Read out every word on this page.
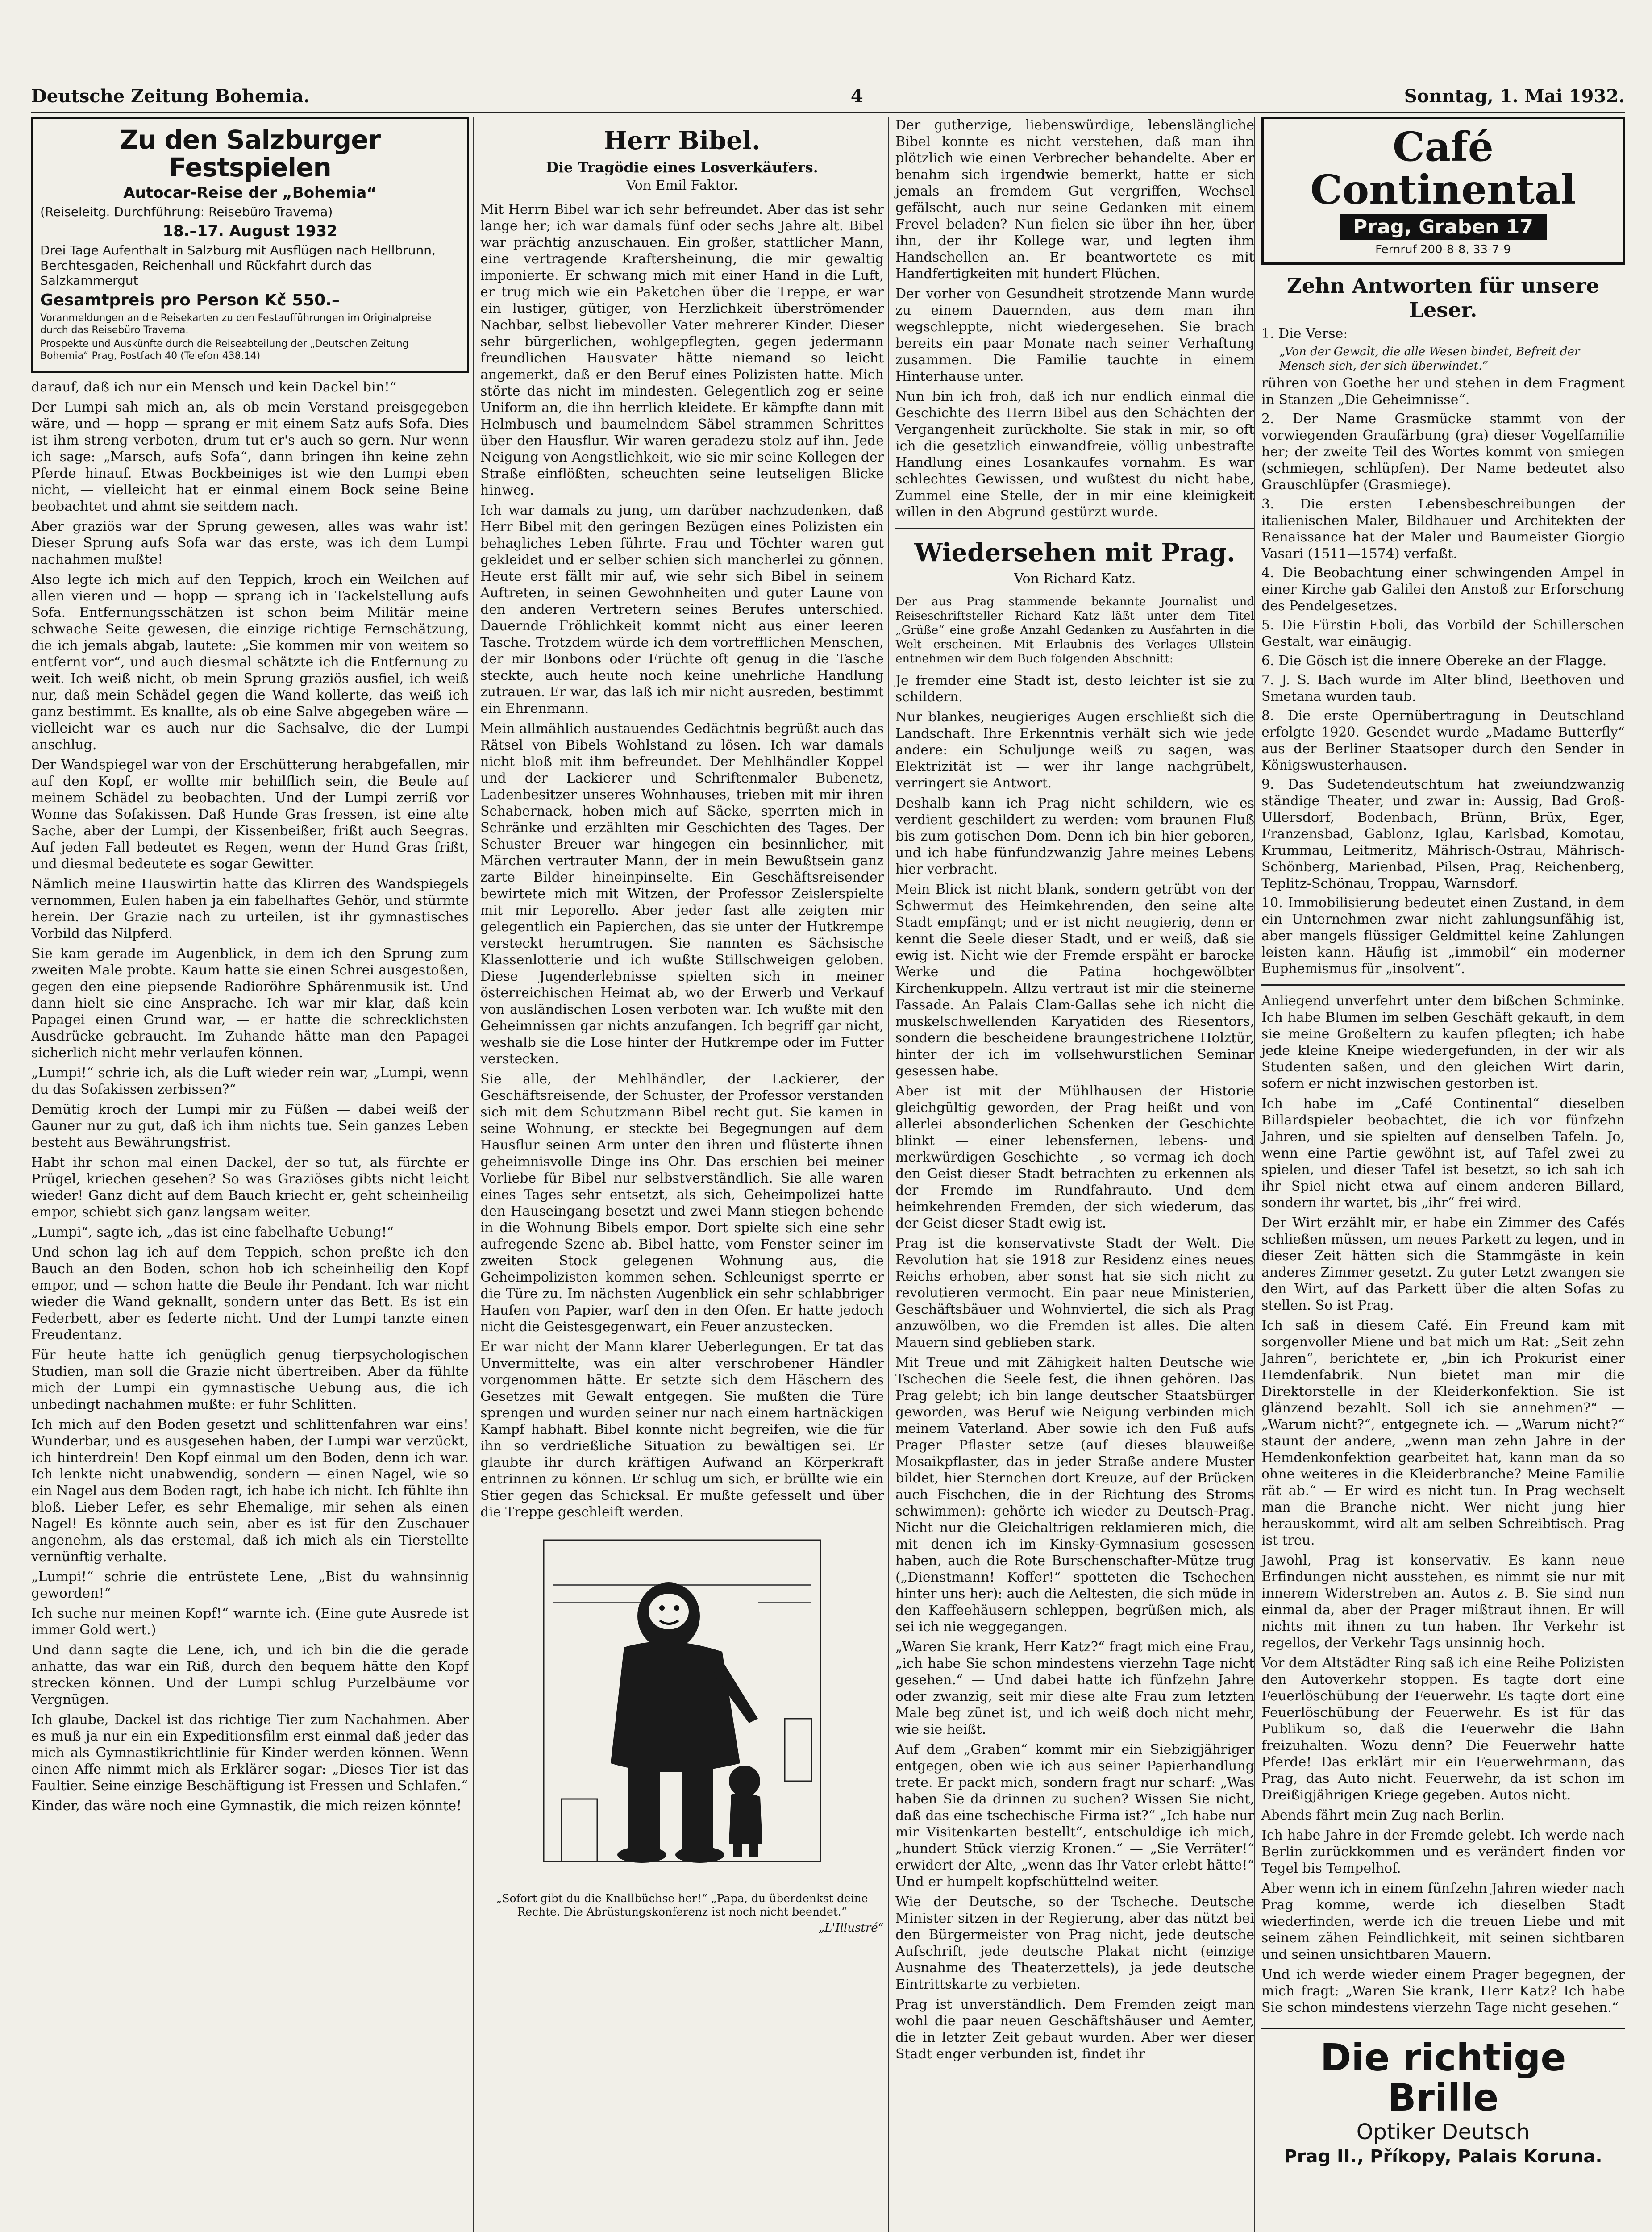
Deutsche Zeitung Bohemia.	4	Sonntag, 1. Mai 1932.
Zu den Salzburger Festspielen
Autocar-Reise der „Bohemia“
(Reiseleitg. Durchführung: Reisebüro Travema)
18.–17. August 1932
Drei Tage Aufenthalt in Salzburg mit Ausflügen nach Hellbrunn, Berchtesgaden, Reichenhall und Rückfahrt durch das Salzkammergut
Gesamtpreis pro Person Kč 550.–
Voranmeldungen an die Reisekarten zu den Festaufführungen im Originalpreise durch das Reisebüro Travema.
Prospekte und Auskünfte durch die Reiseabteilung der „Deutschen Zeitung Bohemia“ Prag, Postfach 40 (Telefon 438.14)

darauf, daß ich nur ein Mensch und kein Dackel bin!“

Der Lumpi sah mich an, als ob mein Verstand preisgegeben wäre, und — hopp — sprang er mit einem Satz aufs Sofa. Dies ist ihm streng verboten, drum tut er's auch so gern. Nur wenn ich sage: „Marsch, aufs Sofa“, dann bringen ihn keine zehn Pferde hinauf. Etwas Bockbeiniges ist wie den Lumpi eben nicht, — vielleicht hat er einmal einem Bock seine Beine beobachtet und ahmt sie seitdem nach.

Aber graziös war der Sprung gewesen, alles was wahr ist! Dieser Sprung aufs Sofa war das erste, was ich dem Lumpi nachahmen mußte!

Also legte ich mich auf den Teppich, kroch ein Weilchen auf allen vieren und — hopp — sprang ich in Tackelstellung aufs Sofa. Entfernungsschätzen ist schon beim Militär meine schwache Seite gewesen, die einzige richtige Fernschätzung, die ich jemals abgab, lautete: „Sie kommen mir von weitem so entfernt vor“, und auch diesmal schätzte ich die Entfernung zu weit. Ich weiß nicht, ob mein Sprung graziös ausfiel, ich weiß nur, daß mein Schädel gegen die Wand kollerte, das weiß ich ganz bestimmt. Es knallte, als ob eine Salve abgegeben wäre — vielleicht war es auch nur die Sachsalve, die der Lumpi anschlug.

Der Wandspiegel war von der Erschütterung herabgefallen, mir auf den Kopf, er wollte mir behilflich sein, die Beule auf meinem Schädel zu beobachten. Und der Lumpi zerriß vor Wonne das Sofakissen. Daß Hunde Gras fressen, ist eine alte Sache, aber der Lumpi, der Kissenbeißer, frißt auch Seegras. Auf jeden Fall bedeutet es Regen, wenn der Hund Gras frißt, und diesmal bedeutete es sogar Gewitter.

Nämlich meine Hauswirtin hatte das Klirren des Wandspiegels vernommen, Eulen haben ja ein fabelhaftes Gehör, und stürmte herein. Der Grazie nach zu urteilen, ist ihr gymnastisches Vorbild das Nilpferd.

Sie kam gerade im Augenblick, in dem ich den Sprung zum zweiten Male probte. Kaum hatte sie einen Schrei ausgestoßen, gegen den eine piepsende Radioröhre Sphärenmusik ist. Und dann hielt sie eine Ansprache. Ich war mir klar, daß kein Papagei einen Grund war, — er hatte die schrecklichsten Ausdrücke gebraucht. Im Zuhande hätte man den Papagei sicherlich nicht mehr verlaufen können.

„Lumpi!“ schrie ich, als die Luft wieder rein war, „Lumpi, wenn du das Sofakissen zerbissen?“

Demütig kroch der Lumpi mir zu Füßen — dabei weiß der Gauner nur zu gut, daß ich ihm nichts tue. Sein ganzes Leben besteht aus Bewährungsfrist.

Habt ihr schon mal einen Dackel, der so tut, als fürchte er Prügel, kriechen gesehen? So was Graziöses gibts nicht leicht wieder! Ganz dicht auf dem Bauch kriecht er, geht scheinheilig empor, schiebt sich ganz langsam weiter.

„Lumpi“, sagte ich, „das ist eine fabelhafte Uebung!“

Und schon lag ich auf dem Teppich, schon preßte ich den Bauch an den Boden, schon hob ich scheinheilig den Kopf empor, und — schon hatte die Beule ihr Pendant. Ich war nicht wieder die Wand geknallt, sondern unter das Bett. Es ist ein Federbett, aber es federte nicht. Und der Lumpi tanzte einen Freudentanz.

Für heute hatte ich genüglich genug tierpsychologischen Studien, man soll die Grazie nicht übertreiben. Aber da fühlte mich der Lumpi ein gymnastische Uebung aus, die ich unbedingt nachahmen mußte: er fuhr Schlitten.

Ich mich auf den Boden gesetzt und schlittenfahren war eins! Wunderbar, und es ausgesehen haben, der Lumpi war verzückt, ich hinterdrein! Den Kopf einmal um den Boden, denn ich war. Ich lenkte nicht unabwendig, sondern — einen Nagel, wie so ein Nagel aus dem Boden ragt, ich habe ich nicht. Ich fühlte ihn bloß. Lieber Lefer, es sehr Ehemalige, mir sehen als einen Nagel! Es könnte auch sein, aber es ist für den Zuschauer angenehm, als das erstemal, daß ich mich als ein Tierstellte vernünftig verhalte.

„Lumpi!“ schrie die entrüstete Lene, „Bist du wahnsinnig geworden!“

Ich suche nur meinen Kopf!“ warnte ich. (Eine gute Ausrede ist immer Gold wert.)

Und dann sagte die Lene, ich, und ich bin die die gerade anhatte, das war ein Riß, durch den bequem hätte den Kopf strecken können. Und der Lumpi schlug Purzelbäume vor Vergnügen.

Ich glaube, Dackel ist das richtige Tier zum Nachahmen. Aber es muß ja nur ein ein Expeditionsfilm erst einmal daß jeder das mich als Gymnastikrichtlinie für Kinder werden können. Wenn einen Affe nimmt mich als Erklärer sogar: „Dieses Tier ist das Faultier. Seine einzige Beschäftigung ist Fressen und Schlafen.“

Kinder, das wäre noch eine Gymnastik, die mich reizen könnte!

Herr Bibel.
Die Tragödie eines Losverkäufers.
Von Emil Faktor.

Mit Herrn Bibel war ich sehr befreundet. Aber das ist sehr lange her; ich war damals fünf oder sechs Jahre alt. Bibel war prächtig anzuschauen. Ein großer, stattlicher Mann, eine vertragende Kraftersheinung, die mir gewaltig imponierte. Er schwang mich mit einer Hand in die Luft, er trug mich wie ein Paketchen über die Treppe, er war ein lustiger, gütiger, von Herzlichkeit überströmender Nachbar, selbst liebevoller Vater mehrerer Kinder. Dieser sehr bürgerlichen, wohlgepflegten, gegen jedermann freundlichen Hausvater hätte niemand so leicht angemerkt, daß er den Beruf eines Polizisten hatte. Mich störte das nicht im mindesten. Gelegentlich zog er seine Uniform an, die ihn herrlich kleidete. Er kämpfte dann mit Helmbusch und baumelndem Säbel strammen Schrittes über den Hausflur. Wir waren geradezu stolz auf ihn. Jede Neigung von Aengstlichkeit, wie sie mir seine Kollegen der Straße einflößten, scheuchten seine leutseligen Blicke hinweg.

Ich war damals zu jung, um darüber nachzudenken, daß Herr Bibel mit den geringen Bezügen eines Polizisten ein behagliches Leben führte. Frau und Töchter waren gut gekleidet und er selber schien sich mancherlei zu gönnen. Heute erst fällt mir auf, wie sehr sich Bibel in seinem Auftreten, in seinen Gewohnheiten und guter Laune von den anderen Vertretern seines Berufes unterschied. Dauernde Fröhlichkeit kommt nicht aus einer leeren Tasche. Trotzdem würde ich dem vortrefflichen Menschen, der mir Bonbons oder Früchte oft genug in die Tasche steckte, auch heute noch keine unehrliche Handlung zutrauen. Er war, das laß ich mir nicht ausreden, bestimmt ein Ehrenmann.

Mein allmählich austauendes Gedächtnis begrüßt auch das Rätsel von Bibels Wohlstand zu lösen. Ich war damals nicht bloß mit ihm befreundet. Der Mehlhändler Koppel und der Lackierer und Schriftenmaler Bubenetz, Ladenbesitzer unseres Wohnhauses, trieben mit mir ihren Schabernack, hoben mich auf Säcke, sperrten mich in Schränke und erzählten mir Geschichten des Tages. Der Schuster Breuer war hingegen ein besinnlicher, mit Märchen vertrauter Mann, der in mein Bewußtsein ganz zarte Bilder hineinpinselte. Ein Geschäftsreisender bewirtete mich mit Witzen, der Professor Zeislerspielte mit mir Leporello. Aber jeder fast alle zeigten mir gelegentlich ein Papierchen, das sie unter der Hutkrempe versteckt herumtrugen. Sie nannten es Sächsische Klassenlotterie und ich wußte Stillschweigen geloben. Diese Jugenderlebnisse spielten sich in meiner österreichischen Heimat ab, wo der Erwerb und Verkauf von ausländischen Losen verboten war. Ich wußte mit den Geheimnissen gar nichts anzufangen. Ich begriff gar nicht, weshalb sie die Lose hinter der Hutkrempe oder im Futter verstecken.

Sie alle, der Mehlhändler, der Lackierer, der Geschäftsreisende, der Schuster, der Professor verstanden sich mit dem Schutzmann Bibel recht gut. Sie kamen in seine Wohnung, er steckte bei Begegnungen auf dem Hausflur seinen Arm unter den ihren und flüsterte ihnen geheimnisvolle Dinge ins Ohr. Das erschien bei meiner Vorliebe für Bibel nur selbstverständlich. Sie alle waren eines Tages sehr entsetzt, als sich, Geheimpolizei hatte den Hauseingang besetzt und zwei Mann stiegen behende in die Wohnung Bibels empor. Dort spielte sich eine sehr aufregende Szene ab. Bibel hatte, vom Fenster seiner im zweiten Stock gelegenen Wohnung aus, die Geheimpolizisten kommen sehen. Schleunigst sperrte er die Türe zu. Im nächsten Augenblick ein sehr schlabbriger Haufen von Papier, warf den in den Ofen. Er hatte jedoch nicht die Geistesgegenwart, ein Feuer anzustecken.

Er war nicht der Mann klarer Ueberlegungen. Er tat das Unvermittelte, was ein alter verschrobener Händler vorgenommen hätte. Er setzte sich dem Häschern des Gesetzes mit Gewalt entgegen. Sie mußten die Türe sprengen und wurden seiner nur nach einem hartnäckigen Kampf habhaft. Bibel konnte nicht begreifen, wie die für ihn so verdrießliche Situation zu bewältigen sei. Er glaubte ihr durch kräftigen Aufwand an Körperkraft entrinnen zu können. Er schlug um sich, er brüllte wie ein Stier gegen das Schicksal. Er mußte gefesselt und über die Treppe geschleift werden.

„Sofort gibt du die Knallbüchse her!“ „Papa, du überdenkst deine Rechte. Die Abrüstungskonferenz ist noch nicht beendet.“
„L'Illustré“

Der gutherzige, liebenswürdige, lebenslängliche Bibel konnte es nicht verstehen, daß man ihn plötzlich wie einen Verbrecher behandelte. Aber er benahm sich irgendwie bemerkt, hatte er sich jemals an fremdem Gut vergriffen, Wechsel gefälscht, auch nur seine Gedanken mit einem Frevel beladen? Nun fielen sie über ihn her, über ihn, der ihr Kollege war, und legten ihm Handschellen an. Er beantwortete es mit Handfertigkeiten mit hundert Flüchen.

Der vorher von Gesundheit strotzende Mann wurde zu einem Dauernden, aus dem man ihn wegschleppte, nicht wiedergesehen. Sie brach bereits ein paar Monate nach seiner Verhaftung zusammen. Die Familie tauchte in einem Hinterhause unter.

Nun bin ich froh, daß ich nur endlich einmal die Geschichte des Herrn Bibel aus den Schächten der Vergangenheit zurückholte. Sie stak in mir, so oft ich die gesetzlich einwandfreie, völlig unbestrafte Handlung eines Losankaufes vornahm. Es war schlechtes Gewissen, und wußtest du nicht habe, Zummel eine Stelle, der in mir eine kleinigkeit willen in den Abgrund gestürzt wurde.

Wiedersehen mit Prag.
Von Richard Katz.
Der aus Prag stammende bekannte Journalist und Reiseschriftsteller Richard Katz läßt unter dem Titel „Grüße“ eine große Anzahl Gedanken zu Ausfahrten in die Welt erscheinen. Mit Erlaubnis des Verlages Ullstein entnehmen wir dem Buch folgenden Abschnitt:

Je fremder eine Stadt ist, desto leichter ist sie zu schildern.

Nur blankes, neugieriges Augen erschließt sich die Landschaft. Ihre Erkenntnis verhält sich wie jede andere: ein Schuljunge weiß zu sagen, was Elektrizität ist — wer ihr lange nachgrübelt, verringert sie Antwort.

Deshalb kann ich Prag nicht schildern, wie es verdient geschildert zu werden: vom braunen Fluß bis zum gotischen Dom. Denn ich bin hier geboren, und ich habe fünfundzwanzig Jahre meines Lebens hier verbracht.

Mein Blick ist nicht blank, sondern getrübt von der Schwermut des Heimkehrenden, den seine alte Stadt empfängt; und er ist nicht neugierig, denn er kennt die Seele dieser Stadt, und er weiß, daß sie ewig ist. Nicht wie der Fremde erspäht er barocke Werke und die Patina hochgewölbter Kirchenkuppeln. Allzu vertraut ist mir die steinerne Fassade. An Palais Clam-Gallas sehe ich nicht die muskelschwellenden Karyatiden des Riesentors, sondern die bescheidene braungestrichene Holztür, hinter der ich im vollsehwurstlichen Seminar gesessen habe.

Aber ist mit der Mühlhausen der Historie gleichgültig geworden, der Prag heißt und von allerlei absonderlichen Schenken der Geschichte blinkt — einer lebensfernen, lebens- und merkwürdigen Geschichte —, so vermag ich doch den Geist dieser Stadt betrachten zu erkennen als der Fremde im Rundfahrauto. Und dem heimkehrenden Fremden, der sich wiederum, das der Geist dieser Stadt ewig ist.

Prag ist die konservativste Stadt der Welt. Die Revolution hat sie 1918 zur Residenz eines neues Reichs erhoben, aber sonst hat sie sich nicht zu revolutieren vermocht. Ein paar neue Ministerien, Geschäftsbäuer und Wohnviertel, die sich als Prag anzuwölben, wo die Fremden ist alles. Die alten Mauern sind geblieben stark.

Mit Treue und mit Zähigkeit halten Deutsche wie Tschechen die Seele fest, die ihnen gehören. Das Prag gelebt; ich bin lange deutscher Staatsbürger geworden, was Beruf wie Neigung verbinden mich meinem Vaterland. Aber sowie ich den Fuß aufs Prager Pflaster setze (auf dieses blauweiße Mosaikpflaster, das in jeder Straße andere Muster bildet, hier Sternchen dort Kreuze, auf der Brücken auch Fischchen, die in der Richtung des Stroms schwimmen): gehörte ich wieder zu Deutsch-Prag. Nicht nur die Gleichaltrigen reklamieren mich, die mit denen ich im Kinsky-Gymnasium gesessen haben, auch die Rote Burschenschafter-Mütze trug („Dienstmann! Koffer!“ spotteten die Tschechen hinter uns her): auch die Aeltesten, die sich müde in den Kaffeehäusern schleppen, begrüßen mich, als sei ich nie weggegangen.

„Waren Sie krank, Herr Katz?“ fragt mich eine Frau, „ich habe Sie schon mindestens vierzehn Tage nicht gesehen.“ — Und dabei hatte ich fünfzehn Jahre oder zwanzig, seit mir diese alte Frau zum letzten Male beg zünet ist, und ich weiß doch nicht mehr, wie sie heißt.

Auf dem „Graben“ kommt mir ein Siebzigjähriger entgegen, oben wie ich aus seiner Papierhandlung trete. Er packt mich, sondern fragt nur scharf: „Was haben Sie da drinnen zu suchen? Wissen Sie nicht, daß das eine tschechische Firma ist?“ „Ich habe nur mir Visitenkarten bestellt“, entschuldige ich mich, „hundert Stück vierzig Kronen.“ — „Sie Verräter!“ erwidert der Alte, „wenn das Ihr Vater erlebt hätte!“ Und er humpelt kopfschüttelnd weiter.

Wie der Deutsche, so der Tscheche. Deutsche Minister sitzen in der Regierung, aber das nützt bei den Bürgermeister von Prag nicht, jede deutsche Aufschrift, jede deutsche Plakat nicht (einzige Ausnahme des Theaterzettels), ja jede deutsche Eintrittskarte zu verbieten.

Prag ist unverständlich. Dem Fremden zeigt man wohl die paar neuen Geschäftshäuser und Aemter, die in letzter Zeit gebaut wurden. Aber wer dieser Stadt enger verbunden ist, findet ihr

Café Continental
Prag, Graben 17
Fernruf 200-8-8, 33-7-9
Zehn Antworten für unsere Leser.
1. Die Verse:
„Von der Gewalt, die alle Wesen bindet, Befreit der Mensch sich, der sich überwindet.“
rühren von Goethe her und stehen in dem Fragment in Stanzen „Die Geheimnisse“.
2. Der Name Grasmücke stammt von der vorwiegenden Graufärbung (gra) dieser Vogelfamilie her; der zweite Teil des Wortes kommt von smiegen (schmiegen, schlüpfen). Der Name bedeutet also Grauschlüpfer (Grasmiege).
3. Die ersten Lebensbeschreibungen der italienischen Maler, Bildhauer und Architekten der Renaissance hat der Maler und Baumeister Giorgio Vasari (1511—1574) verfaßt.
4. Die Beobachtung einer schwingenden Ampel in einer Kirche gab Galilei den Anstoß zur Erforschung des Pendelgesetzes.
5. Die Fürstin Eboli, das Vorbild der Schillerschen Gestalt, war einäugig.
6. Die Gösch ist die innere Obereke an der Flagge.
7. J. S. Bach wurde im Alter blind, Beethoven und Smetana wurden taub.
8. Die erste Opernübertragung in Deutschland erfolgte 1920. Gesendet wurde „Madame Butterfly“ aus der Berliner Staatsoper durch den Sender in Königswusterhausen.
9. Das Sudetendeutschtum hat zweiundzwanzig ständige Theater, und zwar in: Aussig, Bad Groß-Ullersdorf, Bodenbach, Brünn, Brüx, Eger, Franzensbad, Gablonz, Iglau, Karlsbad, Komotau, Krummau, Leitmeritz, Mährisch-Ostrau, Mährisch-Schönberg, Marienbad, Pilsen, Prag, Reichenberg, Teplitz-Schönau, Troppau, Warnsdorf.
10. Immobilisierung bedeutet einen Zustand, in dem ein Unternehmen zwar nicht zahlungsunfähig ist, aber mangels flüssiger Geldmittel keine Zahlungen leisten kann. Häufig ist „immobil“ ein moderner Euphemismus für „insolvent“.

Anliegend unverfehrt unter dem bißchen Schminke. Ich habe Blumen im selben Geschäft gekauft, in dem sie meine Großeltern zu kaufen pflegten; ich habe jede kleine Kneipe wiedergefunden, in der wir als Studenten saßen, und den gleichen Wirt darin, sofern er nicht inzwischen gestorben ist.

Ich habe im „Café Continental“ dieselben Billardspieler beobachtet, die ich vor fünfzehn Jahren, und sie spielten auf denselben Tafeln. Jo, wenn eine Partie gewöhnt ist, auf Tafel zwei zu spielen, und dieser Tafel ist besetzt, so ich sah ich ihr Spiel nicht etwa auf einem anderen Billard, sondern ihr wartet, bis „ihr“ frei wird.

Der Wirt erzählt mir, er habe ein Zimmer des Cafés schließen müssen, um neues Parkett zu legen, und in dieser Zeit hätten sich die Stammgäste in kein anderes Zimmer gesetzt. Zu guter Letzt zwangen sie den Wirt, auf das Parkett über die alten Sofas zu stellen. So ist Prag.

Ich saß in diesem Café. Ein Freund kam mit sorgenvoller Miene und bat mich um Rat: „Seit zehn Jahren“, berichtete er, „bin ich Prokurist einer Hemdenfabrik. Nun bietet man mir die Direktorstelle in der Kleiderkonfektion. Sie ist glänzend bezahlt. Soll ich sie annehmen?“ — „Warum nicht?“, entgegnete ich. — „Warum nicht?“ staunt der andere, „wenn man zehn Jahre in der Hemdenkonfektion gearbeitet hat, kann man da so ohne weiteres in die Kleiderbranche? Meine Familie rät ab.“ — Er wird es nicht tun. In Prag wechselt man die Branche nicht. Wer nicht jung hier herauskommt, wird alt am selben Schreibtisch. Prag ist treu.

Jawohl, Prag ist konservativ. Es kann neue Erfindungen nicht ausstehen, es nimmt sie nur mit innerem Widerstreben an. Autos z. B. Sie sind nun einmal da, aber der Prager mißtraut ihnen. Er will nichts mit ihnen zu tun haben. Ihr Verkehr ist regellos, der Verkehr Tags unsinnig hoch.

Vor dem Altstädter Ring saß ich eine Reihe Polizisten den Autoverkehr stoppen. Es tagte dort eine Feuerlöschübung der Feuerwehr. Es tagte dort eine Feuerlöschübung der Feuerwehr. Es ist für das Publikum so, daß die Feuerwehr die Bahn freizuhalten. Wozu denn? Die Feuerwehr hatte Pferde! Das erklärt mir ein Feuerwehrmann, das Prag, das Auto nicht. Feuerwehr, da ist schon im Dreißigjährigen Kriege gegeben. Autos nicht.

Abends fährt mein Zug nach Berlin.

Ich habe Jahre in der Fremde gelebt. Ich werde nach Berlin zurückkommen und es verändert finden vor Tegel bis Tempelhof.

Aber wenn ich in einem fünfzehn Jahren wieder nach Prag komme, werde ich dieselben Stadt wiederfinden, werde ich die treuen Liebe und mit seinem zähen Feindlichkeit, mit seinen sichtbaren und seinen unsichtbaren Mauern.

Und ich werde wieder einem Prager begegnen, der mich fragt: „Waren Sie krank, Herr Katz? Ich habe Sie schon mindestens vierzehn Tage nicht gesehen.“

Die richtige Brille
Optiker Deutsch
Prag II., Příkopy, Palais Koruna.
